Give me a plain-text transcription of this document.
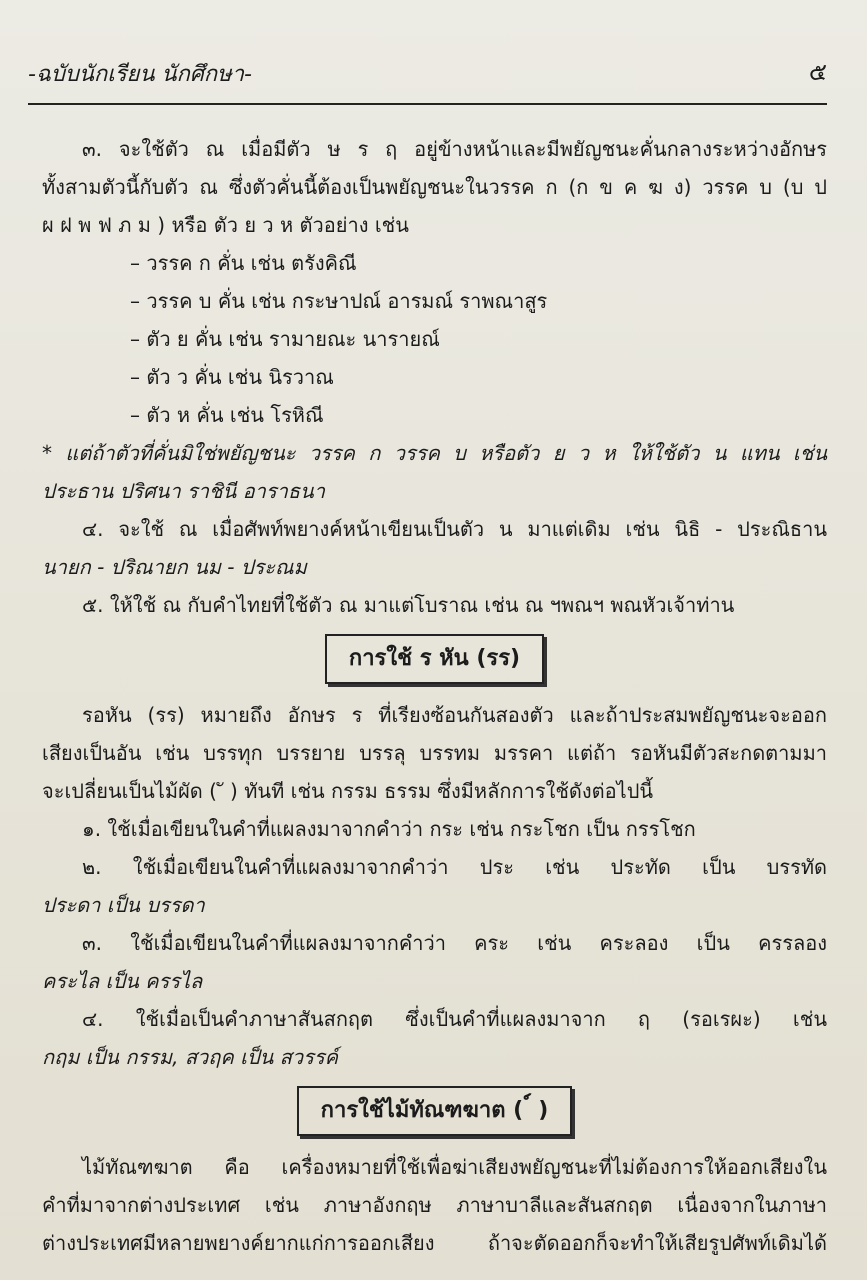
-ฉบับนักเรียน นักศึกษา-	๕

๓. จะใช้ตัว ณ เมื่อมีตัว ษ ร ฤ อยู่ข้างหน้าและมีพยัญชนะคั่นกลางระหว่างอักษร

ทั้งสามตัวนี้กับตัว ณ ซึ่งตัวคั่นนี้ต้องเป็นพยัญชนะในวรรค ก (ก ข ค ฆ ง) วรรค บ (บ ป

ผ ฝ พ ฟ ภ ม ) หรือ ตัว ย ว ห ตัวอย่าง เช่น

– วรรค ก คั่น เช่น ตรังคิณี

– วรรค บ คั่น เช่น กระษาปณ์ อารมณ์ ราพณาสูร

– ตัว ย คั่น เช่น รามายณะ นารายณ์

– ตัว ว คั่น เช่น นิรวาณ

– ตัว ห คั่น เช่น โรหิณี

* แต่ถ้าตัวที่คั่นมิใช่พยัญชนะ วรรค ก วรรค บ หรือตัว ย ว ห ให้ใช้ตัว น แทน เช่น

ประธาน ปริศนา ราชินี อาราธนา

๔. จะใช้ ณ เมื่อศัพท์พยางค์หน้าเขียนเป็นตัว น มาแต่เดิม เช่น นิธิ - ประณิธาน

นายก - ปริณายก นม - ประณม

๕. ให้ใช้ ณ กับคำไทยที่ใช้ตัว ณ มาแต่โบราณ เช่น ณ ฯพณฯ พณหัวเจ้าท่าน

การใช้ ร หัน (รร)

รอหัน (รร) หมายถึง อักษร ร ที่เรียงซ้อนกันสองตัว และถ้าประสมพยัญชนะจะออก

เสียงเป็นอัน เช่น บรรทุก บรรยาย บรรลุ บรรทม มรรคา แต่ถ้า รอหันมีตัวสะกดตามมา

จะเปลี่ยนเป็นไม้ผัด ( ั ) ทันที เช่น กรรม ธรรม ซึ่งมีหลักการใช้ดังต่อไปนี้

๑. ใช้เมื่อเขียนในคำที่แผลงมาจากคำว่า กระ เช่น กระโชก เป็น กรรโชก

๒. ใช้เมื่อเขียนในคำที่แผลงมาจากคำว่า ประ เช่น ประทัด เป็น บรรทัด

ประดา เป็น บรรดา

๓. ใช้เมื่อเขียนในคำที่แผลงมาจากคำว่า คระ เช่น คระลอง เป็น ครรลอง

คระไล เป็น ครรไล

๔. ใช้เมื่อเป็นคำภาษาสันสกฤต ซึ่งเป็นคำที่แผลงมาจาก ฤ (รอเรผะ) เช่น

กฤม เป็น กรรม, สวฤค เป็น สวรรค์

การใช้ไม้ทัณฑฆาต ( ์ )

ไม้ทัณฑฆาต คือ เครื่องหมายที่ใช้เพื่อฆ่าเสียงพยัญชนะที่ไม่ต้องการให้ออกเสียงใน

คำที่มาจากต่างประเทศ เช่น ภาษาอังกฤษ ภาษาบาลีและสันสกฤต เนื่องจากในภาษา

ต่างประเทศมีหลายพยางค์ยากแก่การออกเสียง ถ้าจะตัดออกก็จะทำให้เสียรูปศัพท์เดิมได้
